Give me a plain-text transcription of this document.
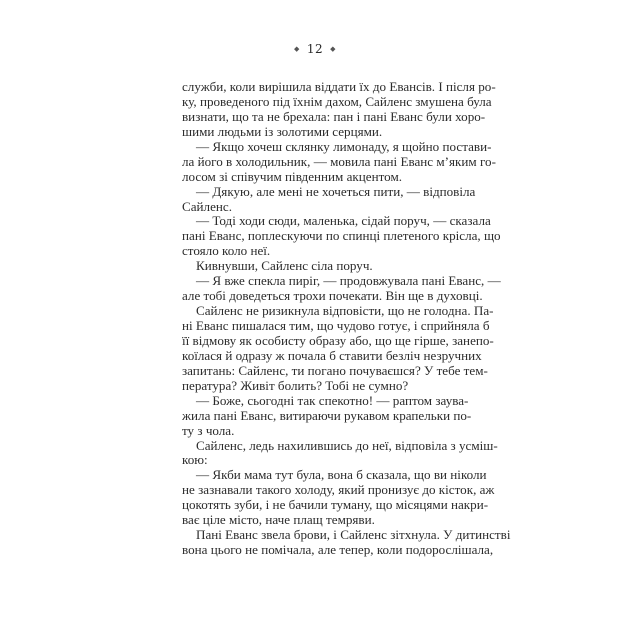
◆ 12 ◆
служби, коли вирішила віддати їх до Евансів. І після ро-
ку, проведеного під їхнім дахом, Сайленс змушена була
визнати, що та не брехала: пан і пані Еванс були хоро-
шими людьми із золотими серцями.
— Якщо хочеш склянку лимонаду, я щойно постави-
ла його в холодильник, — мовила пані Еванс м’яким го-
лосом зі співучим південним акцентом.
— Дякую, але мені не хочеться пити, — відповіла
Сайленс.
— Тоді ходи сюди, маленька, сідай поруч, — сказала
пані Еванс, поплескуючи по спинці плетеного крісла, що
стояло коло неї.
Кивнувши, Сайленс сіла поруч.
— Я вже спекла пиріг, — продовжувала пані Еванс, —
але тобі доведеться трохи почекати. Він ще в духовці.
Сайленс не ризикнула відповісти, що не голодна. Па-
ні Еванс пишалася тим, що чудово готує, і сприйняла б
її відмову як особисту образу або, що ще гірше, занепо-
коїлася й одразу ж почала б ставити безліч незручних
запитань: Сайленс, ти погано почуваєшся? У тебе тем-
пература? Живіт болить? Тобі не сумно?
— Боже, сьогодні так спекотно! — раптом заува-
жила пані Еванс, витираючи рукавом крапельки по-
ту з чола.
Сайленс, ледь нахилившись до неї, відповіла з усміш-
кою:
— Якби мама тут була, вона б сказала, що ви ніколи
не зазнавали такого холоду, який пронизує до кісток, аж
цокотять зуби, і не бачили туману, що місяцями накри-
ває ціле місто, наче плащ темряви.
Пані Еванс звела брови, і Сайленс зітхнула. У дитинстві
вона цього не помічала, але тепер, коли подорослішала,
